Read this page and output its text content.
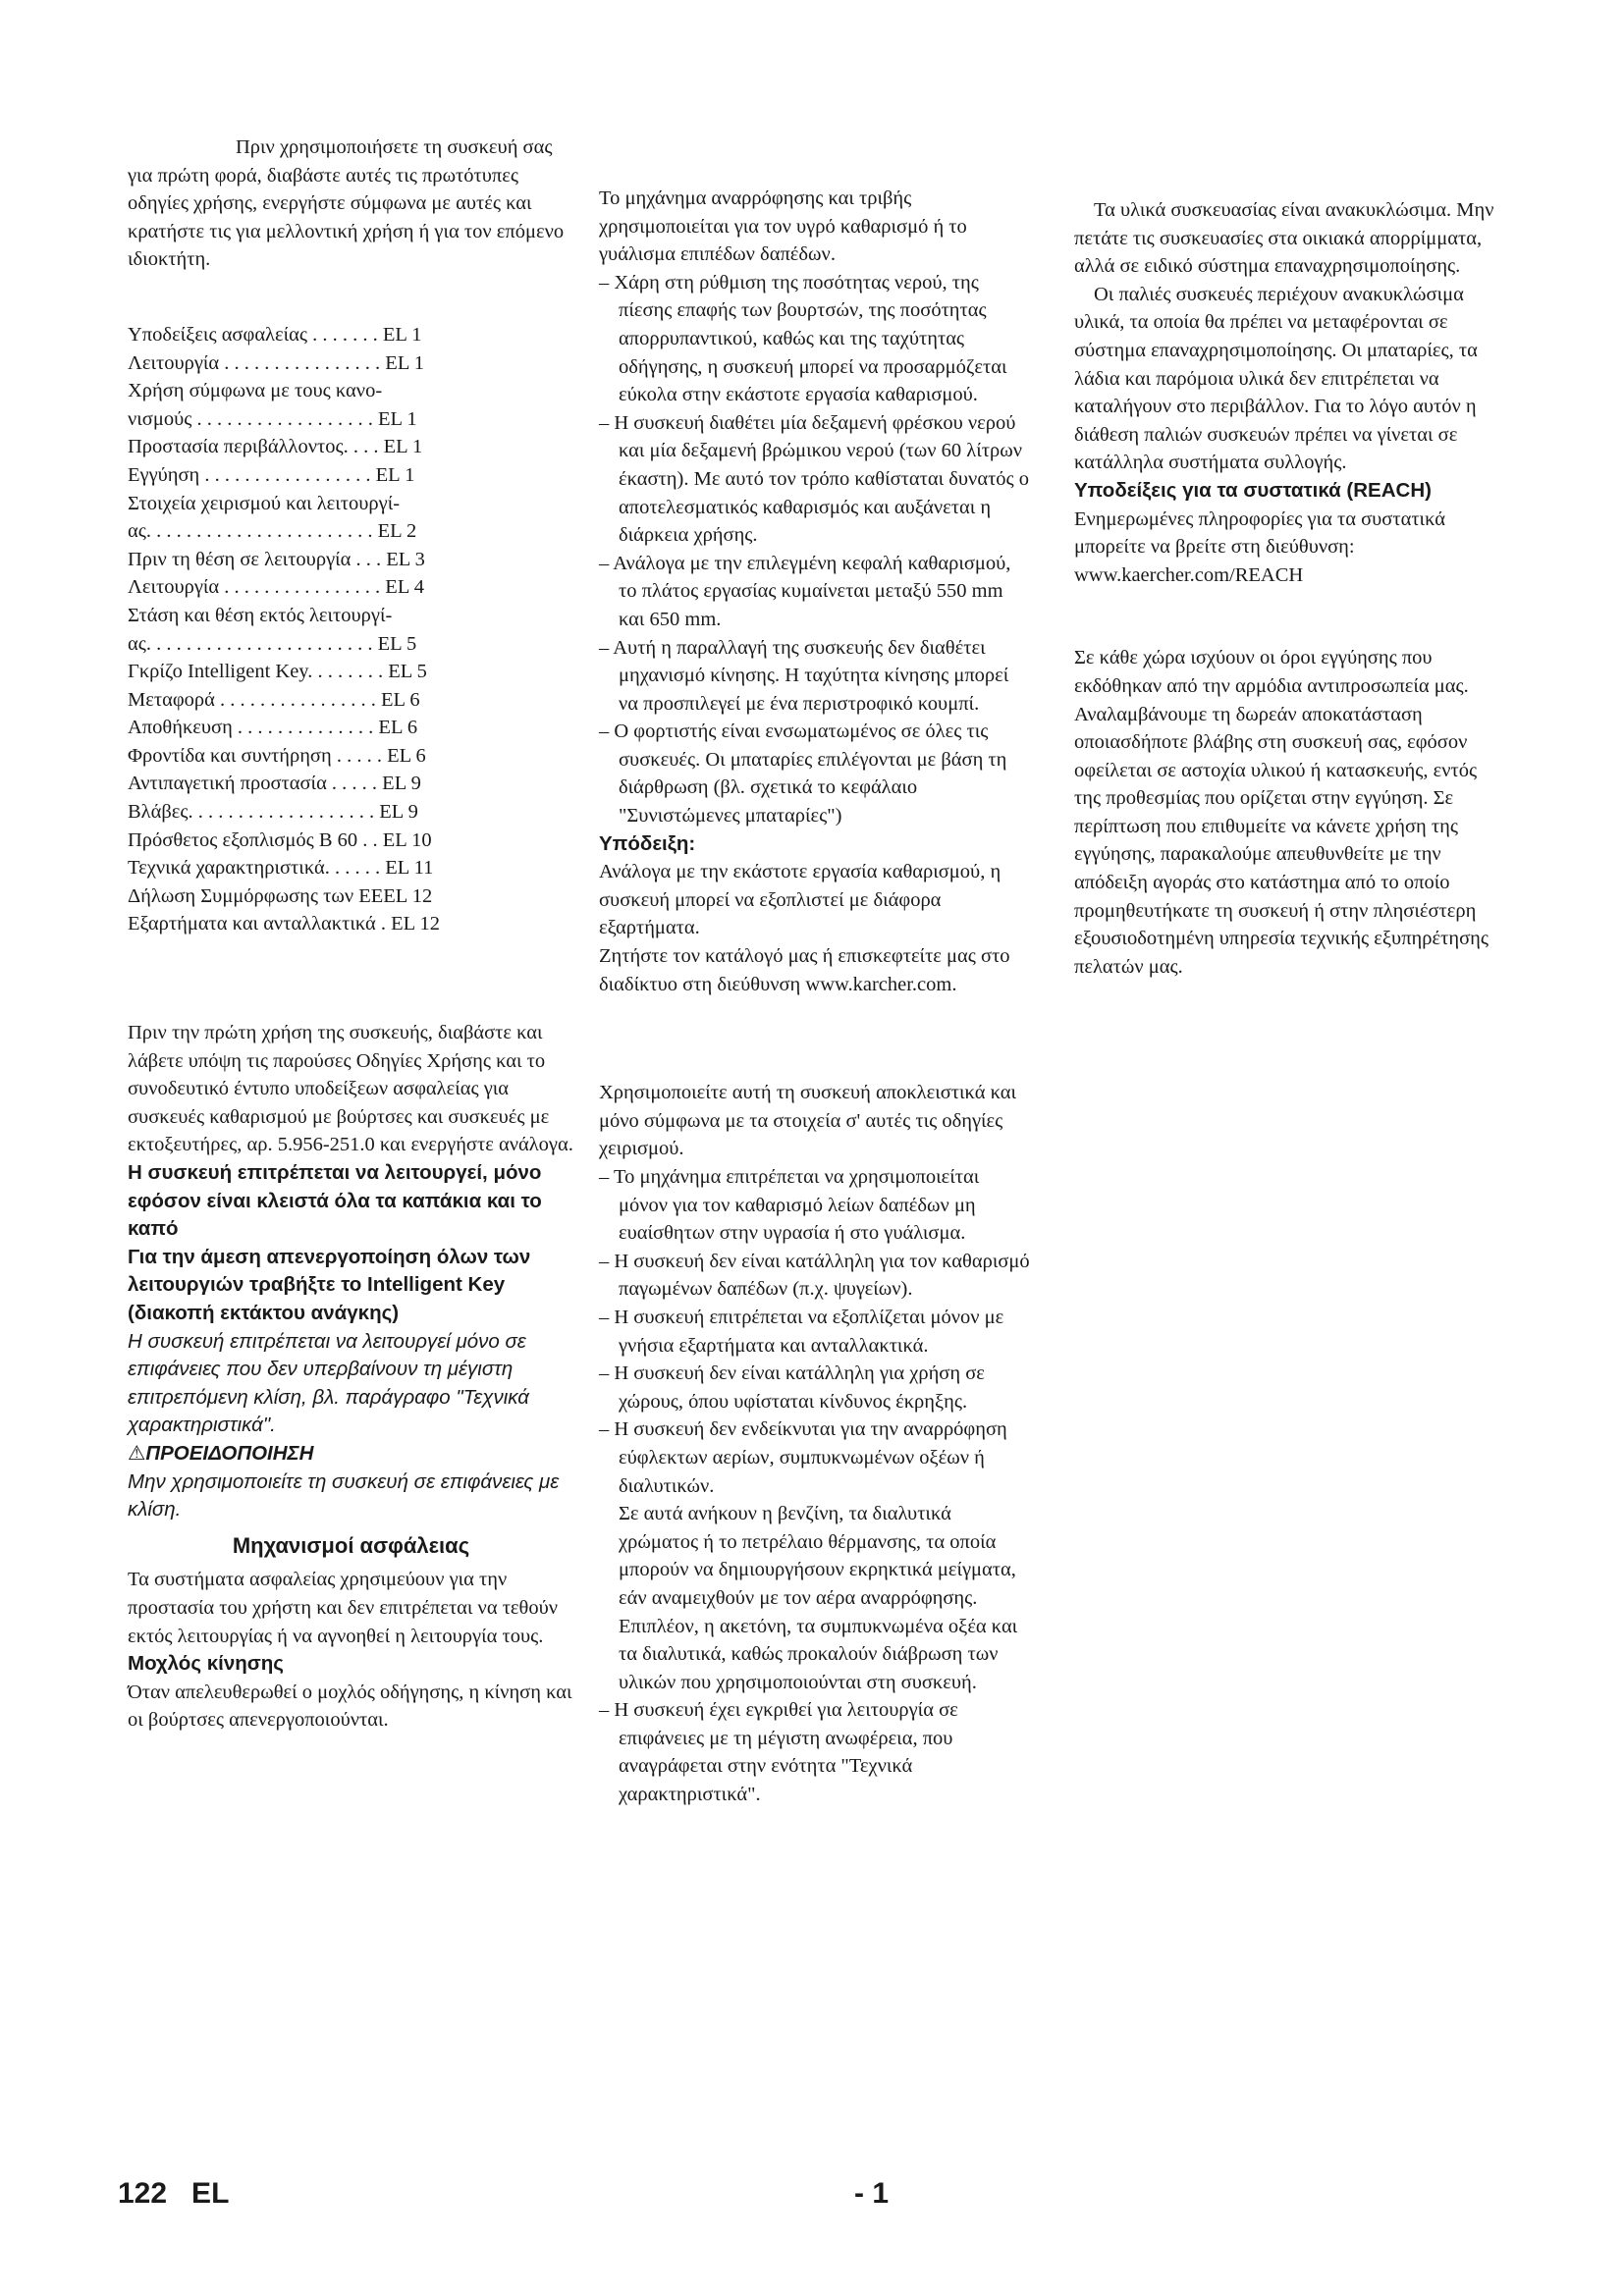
Πριν χρησιμοποιήσετε τη συσκευή σας για πρώτη φορά, διαβάστε αυτές τις πρωτότυπες οδηγίες χρήσης, ενεργήστε σύμφωνα με αυτές και κρατήστε τις για μελλοντική χρήση ή για τον επόμενο ιδιοκτήτη.

Υποδείξεις ασφαλείας . . . . . . . EL 1

Λειτουργία . . . . . . . . . . . . . . . . EL 1

Χρήση σύμφωνα με τους κανο-

νισμούς . . . . . . . . . . . . . . . . . . EL 1

Προστασία περιβάλλοντος. . . . EL 1

Εγγύηση . . . . . . . . . . . . . . . . . EL 1

Στοιχεία χειρισμού και λειτουργί-

ας. . . . . . . . . . . . . . . . . . . . . . . EL 2

Πριν τη θέση σε λειτουργία . . . EL 3

Λειτουργία . . . . . . . . . . . . . . . . EL 4

Στάση και θέση εκτός λειτουργί-

ας. . . . . . . . . . . . . . . . . . . . . . . EL 5

Γκρίζο Intelligent Key. . . . . . . . EL 5

Μεταφορά . . . . . . . . . . . . . . . . EL 6

Αποθήκευση . . . . . . . . . . . . . . EL 6

Φροντίδα και συντήρηση . . . . . EL 6

Αντιπαγετική προστασία . . . . . EL 9

Βλάβες. . . . . . . . . . . . . . . . . . . EL 9

Πρόσθετος εξοπλισμός B 60 . . EL 10

Τεχνικά χαρακτηριστικά. . . . . . EL 11

Δήλωση Συμμόρφωσης των ΕΕEL 12

Εξαρτήματα και ανταλλακτικά . EL 12

Πριν την πρώτη χρήση της συσκευής, διαβάστε και λάβετε υπόψη τις παρούσες Οδηγίες Χρήσης και το συνοδευτικό έντυπο υποδείξεων ασφαλείας για συσκευές καθαρισμού με βούρτσες και συσκευές με εκτοξευτήρες, αρ. 5.956-251.0 και ενεργήστε ανάλογα.

Η συσκευή επιτρέπεται να λειτουργεί, μόνο εφόσον είναι κλειστά όλα τα καπάκια και το καπό

Για την άμεση απενεργοποίηση όλων των λειτουργιών τραβήξτε το Intelligent Key (διακοπή εκτάκτου ανάγκης)

Η συσκευή επιτρέπεται να λειτουργεί μόνο σε επιφάνειες που δεν υπερβαίνουν τη μέγιστη επιτρεπόμενη κλίση, βλ. παράγραφο "Τεχνικά χαρακτηριστικά".

⚠ΠΡΟΕΙΔΟΠΟΙΗΣΗ

Μην χρησιμοποιείτε τη συσκευή σε επιφάνειες με κλίση.

Μηχανισμοί ασφάλειας

Τα συστήματα ασφαλείας χρησιμεύουν για την προστασία του χρήστη και δεν επιτρέπεται να τεθούν εκτός λειτουργίας ή να αγνοηθεί η λειτουργία τους.

Μοχλός κίνησης

Όταν απελευθερωθεί ο μοχλός οδήγησης, η κίνηση και οι βούρτσες απενεργοποιούνται.

Το μηχάνημα αναρρόφησης και τριβής χρησιμοποιείται για τον υγρό καθαρισμό ή το γυάλισμα επιπέδων δαπέδων.

– Χάρη στη ρύθμιση της ποσότητας νερού, της πίεσης επαφής των βουρτσών, της ποσότητας απορρυπαντικού, καθώς και της ταχύτητας οδήγησης, η συσκευή μπορεί να προσαρμόζεται εύκολα στην εκάστοτε εργασία καθαρισμού.
– Η συσκευή διαθέτει μία δεξαμενή φρέσκου νερού και μία δεξαμενή βρώμικου νερού (των 60 λίτρων έκαστη). Με αυτό τον τρόπο καθίσταται δυνατός ο αποτελεσματικός καθαρισμός και αυξάνεται η διάρκεια χρήσης.
– Ανάλογα με την επιλεγμένη κεφαλή καθαρισμού, το πλάτος εργασίας κυμαίνεται μεταξύ 550 mm και 650 mm.
– Αυτή η παραλλαγή της συσκευής δεν διαθέτει μηχανισμό κίνησης. Η ταχύτητα κίνησης μπορεί να προσπιλεγεί με ένα περιστροφικό κουμπί.
– Ο φορτιστής είναι ενσωματωμένος σε όλες τις συσκευές. Οι μπαταρίες επιλέγονται με βάση τη διάρθρωση (βλ. σχετικά το κεφάλαιο "Συνιστώμενες μπαταρίες")

Υπόδειξη:

Ανάλογα με την εκάστοτε εργασία καθαρισμού, η συσκευή μπορεί να εξοπλιστεί με διάφορα εξαρτήματα.

Ζητήστε τον κατάλογό μας ή επισκεφτείτε μας στο διαδίκτυο στη διεύθυνση www.karcher.com.

Χρησιμοποιείτε αυτή τη συσκευή αποκλειστικά και μόνο σύμφωνα με τα στοιχεία σ' αυτές τις οδηγίες χειρισμού.

– Το μηχάνημα επιτρέπεται να χρησιμοποιείται μόνον για τον καθαρισμό λείων δαπέδων μη ευαίσθητων στην υγρασία ή στο γυάλισμα.
– Η συσκευή δεν είναι κατάλληλη για τον καθαρισμό παγωμένων δαπέδων (π.χ. ψυγείων).
– Η συσκευή επιτρέπεται να εξοπλίζεται μόνον με γνήσια εξαρτήματα και ανταλλακτικά.
– Η συσκευή δεν είναι κατάλληλη για χρήση σε χώρους, όπου υφίσταται κίνδυνος έκρηξης.
– Η συσκευή δεν ενδείκνυται για την αναρρόφηση εύφλεκτων αερίων, συμπυκνωμένων οξέων ή διαλυτικών.

Σε αυτά ανήκουν η βενζίνη, τα διαλυτικά χρώματος ή το πετρέλαιο θέρμανσης, τα οποία μπορούν να δημιουργήσουν εκρηκτικά μείγματα, εάν αναμειχθούν με τον αέρα αναρρόφησης. Επιπλέον, η ακετόνη, τα συμπυκνωμένα οξέα και τα διαλυτικά, καθώς προκαλούν διάβρωση των υλικών που χρησιμοποιούνται στη συσκευή.

– Η συσκευή έχει εγκριθεί για λειτουργία σε επιφάνειες με τη μέγιστη ανωφέρεια, που αναγράφεται στην ενότητα "Τεχνικά χαρακτηριστικά".

Τα υλικά συσκευασίας είναι ανακυκλώσιμα. Μην πετάτε τις συσκευασίες στα οικιακά απορρίμματα, αλλά σε ειδικό σύστημα επαναχρησιμοποίησης.

Οι παλιές συσκευές περιέχουν ανακυκλώσιμα υλικά, τα οποία θα πρέπει να μεταφέρονται σε σύστημα επαναχρησιμοποίησης. Οι μπαταρίες, τα λάδια και παρόμοια υλικά δεν επιτρέπεται να καταλήγουν στο περιβάλλον. Για το λόγο αυτόν η διάθεση παλιών συσκευών πρέπει να γίνεται σε κατάλληλα συστήματα συλλογής.

Υποδείξεις για τα συστατικά (REACH)

Ενημερωμένες πληροφορίες για τα συστατικά μπορείτε να βρείτε στη διεύθυνση: www.kaercher.com/REACH

Σε κάθε χώρα ισχύουν οι όροι εγγύησης που εκδόθηκαν από την αρμόδια αντιπροσωπεία μας. Αναλαμβάνουμε τη δωρεάν αποκατάσταση οποιασδήποτε βλάβης στη συσκευή σας, εφόσον οφείλεται σε αστοχία υλικού ή κατασκευής, εντός της προθεσμίας που ορίζεται στην εγγύηση. Σε περίπτωση που επιθυμείτε να κάνετε χρήση της εγγύησης, παρακαλούμε απευθυνθείτε με την απόδειξη αγοράς στο κατάστημα από το οποίο προμηθευτήκατε τη συσκευή ή στην πλησιέστερη εξουσιοδοτημένη υπηρεσία τεχνικής εξυπηρέτησης πελατών μας.

122   EL	- 1
